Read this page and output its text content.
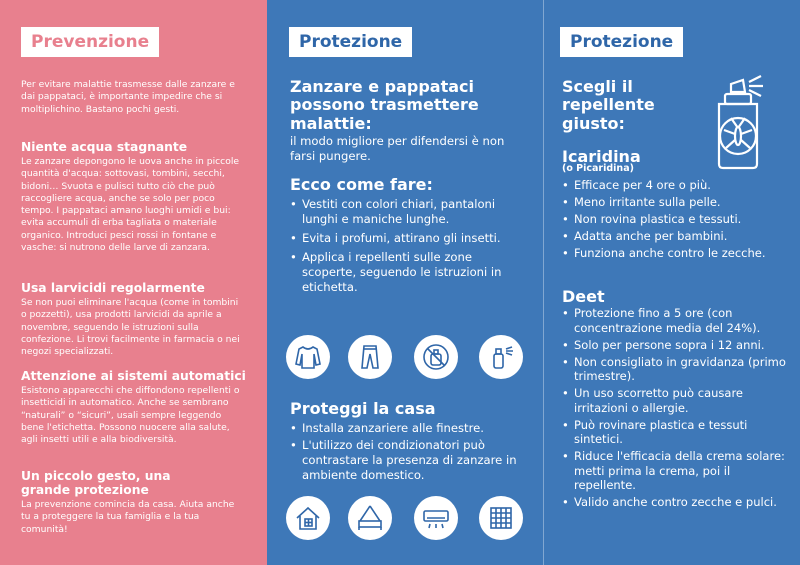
Prevenzione
Per evitare malattie trasmesse dalle zanzare e dai pappataci, è importante impedire che si moltiplichino. Bastano pochi gesti.
Niente acqua stagnante
Le zanzare depongono le uova anche in piccole quantità d'acqua: sottovasi, tombini, secchi, bidoni… Svuota e pulisci tutto ciò che può raccogliere acqua, anche se solo per poco tempo. I pappataci amano luoghi umidi e bui: evita accumuli di erba tagliata o materiale organico. Introduci pesci rossi in fontane e vasche: si nutrono delle larve di zanzara.
Usa larvicidi regolarmente
Se non puoi eliminare l'acqua (come in tombini o pozzetti), usa prodotti larvicidi da aprile a novembre, seguendo le istruzioni sulla confezione. Li trovi facilmente in farmacia o nei negozi specializzati.
Attenzione ai sistemi automatici
Esistono apparecchi che diffondono repellenti o insetticidi in automatico. Anche se sembrano “naturali” o “sicuri”, usali sempre leggendo bene l'etichetta. Possono nuocere alla salute, agli insetti utili e alla biodiversità.
Un piccolo gesto, una grande protezione
La prevenzione comincia da casa. Aiuta anche tu a proteggere la tua famiglia e la tua comunità!
Protezione
Zanzare e pappataci possono trasmettere malattie:
il modo migliore per difendersi è non farsi pungere.
Ecco come fare:
• Vestiti con colori chiari, pantaloni lunghi e maniche lunghe.
• Evita i profumi, attirano gli insetti.
• Applica i repellenti sulle zone scoperte, seguendo le istruzioni in etichetta.
Proteggi la casa
• Installa zanzariere alle finestre.
• L'utilizzo dei condizionatori può contrastare la presenza di zanzare in ambiente domestico.
Protezione
Scegli il repellente giusto:
Icaridina
(o Picaridina)
• Efficace per 4 ore o più.
• Meno irritante sulla pelle.
• Non rovina plastica e tessuti.
• Adatta anche per bambini.
• Funziona anche contro le zecche.
Deet
• Protezione fino a 5 ore (con concentrazione media del 24%).
• Solo per persone sopra i 12 anni.
• Non consigliato in gravidanza (primo trimestre).
• Un uso scorretto può causare irritazioni o allergie.
• Può rovinare plastica e tessuti sintetici.
• Riduce l'efficacia della crema solare: metti prima la crema, poi il repellente.
• Valido anche contro zecche e pulci.
